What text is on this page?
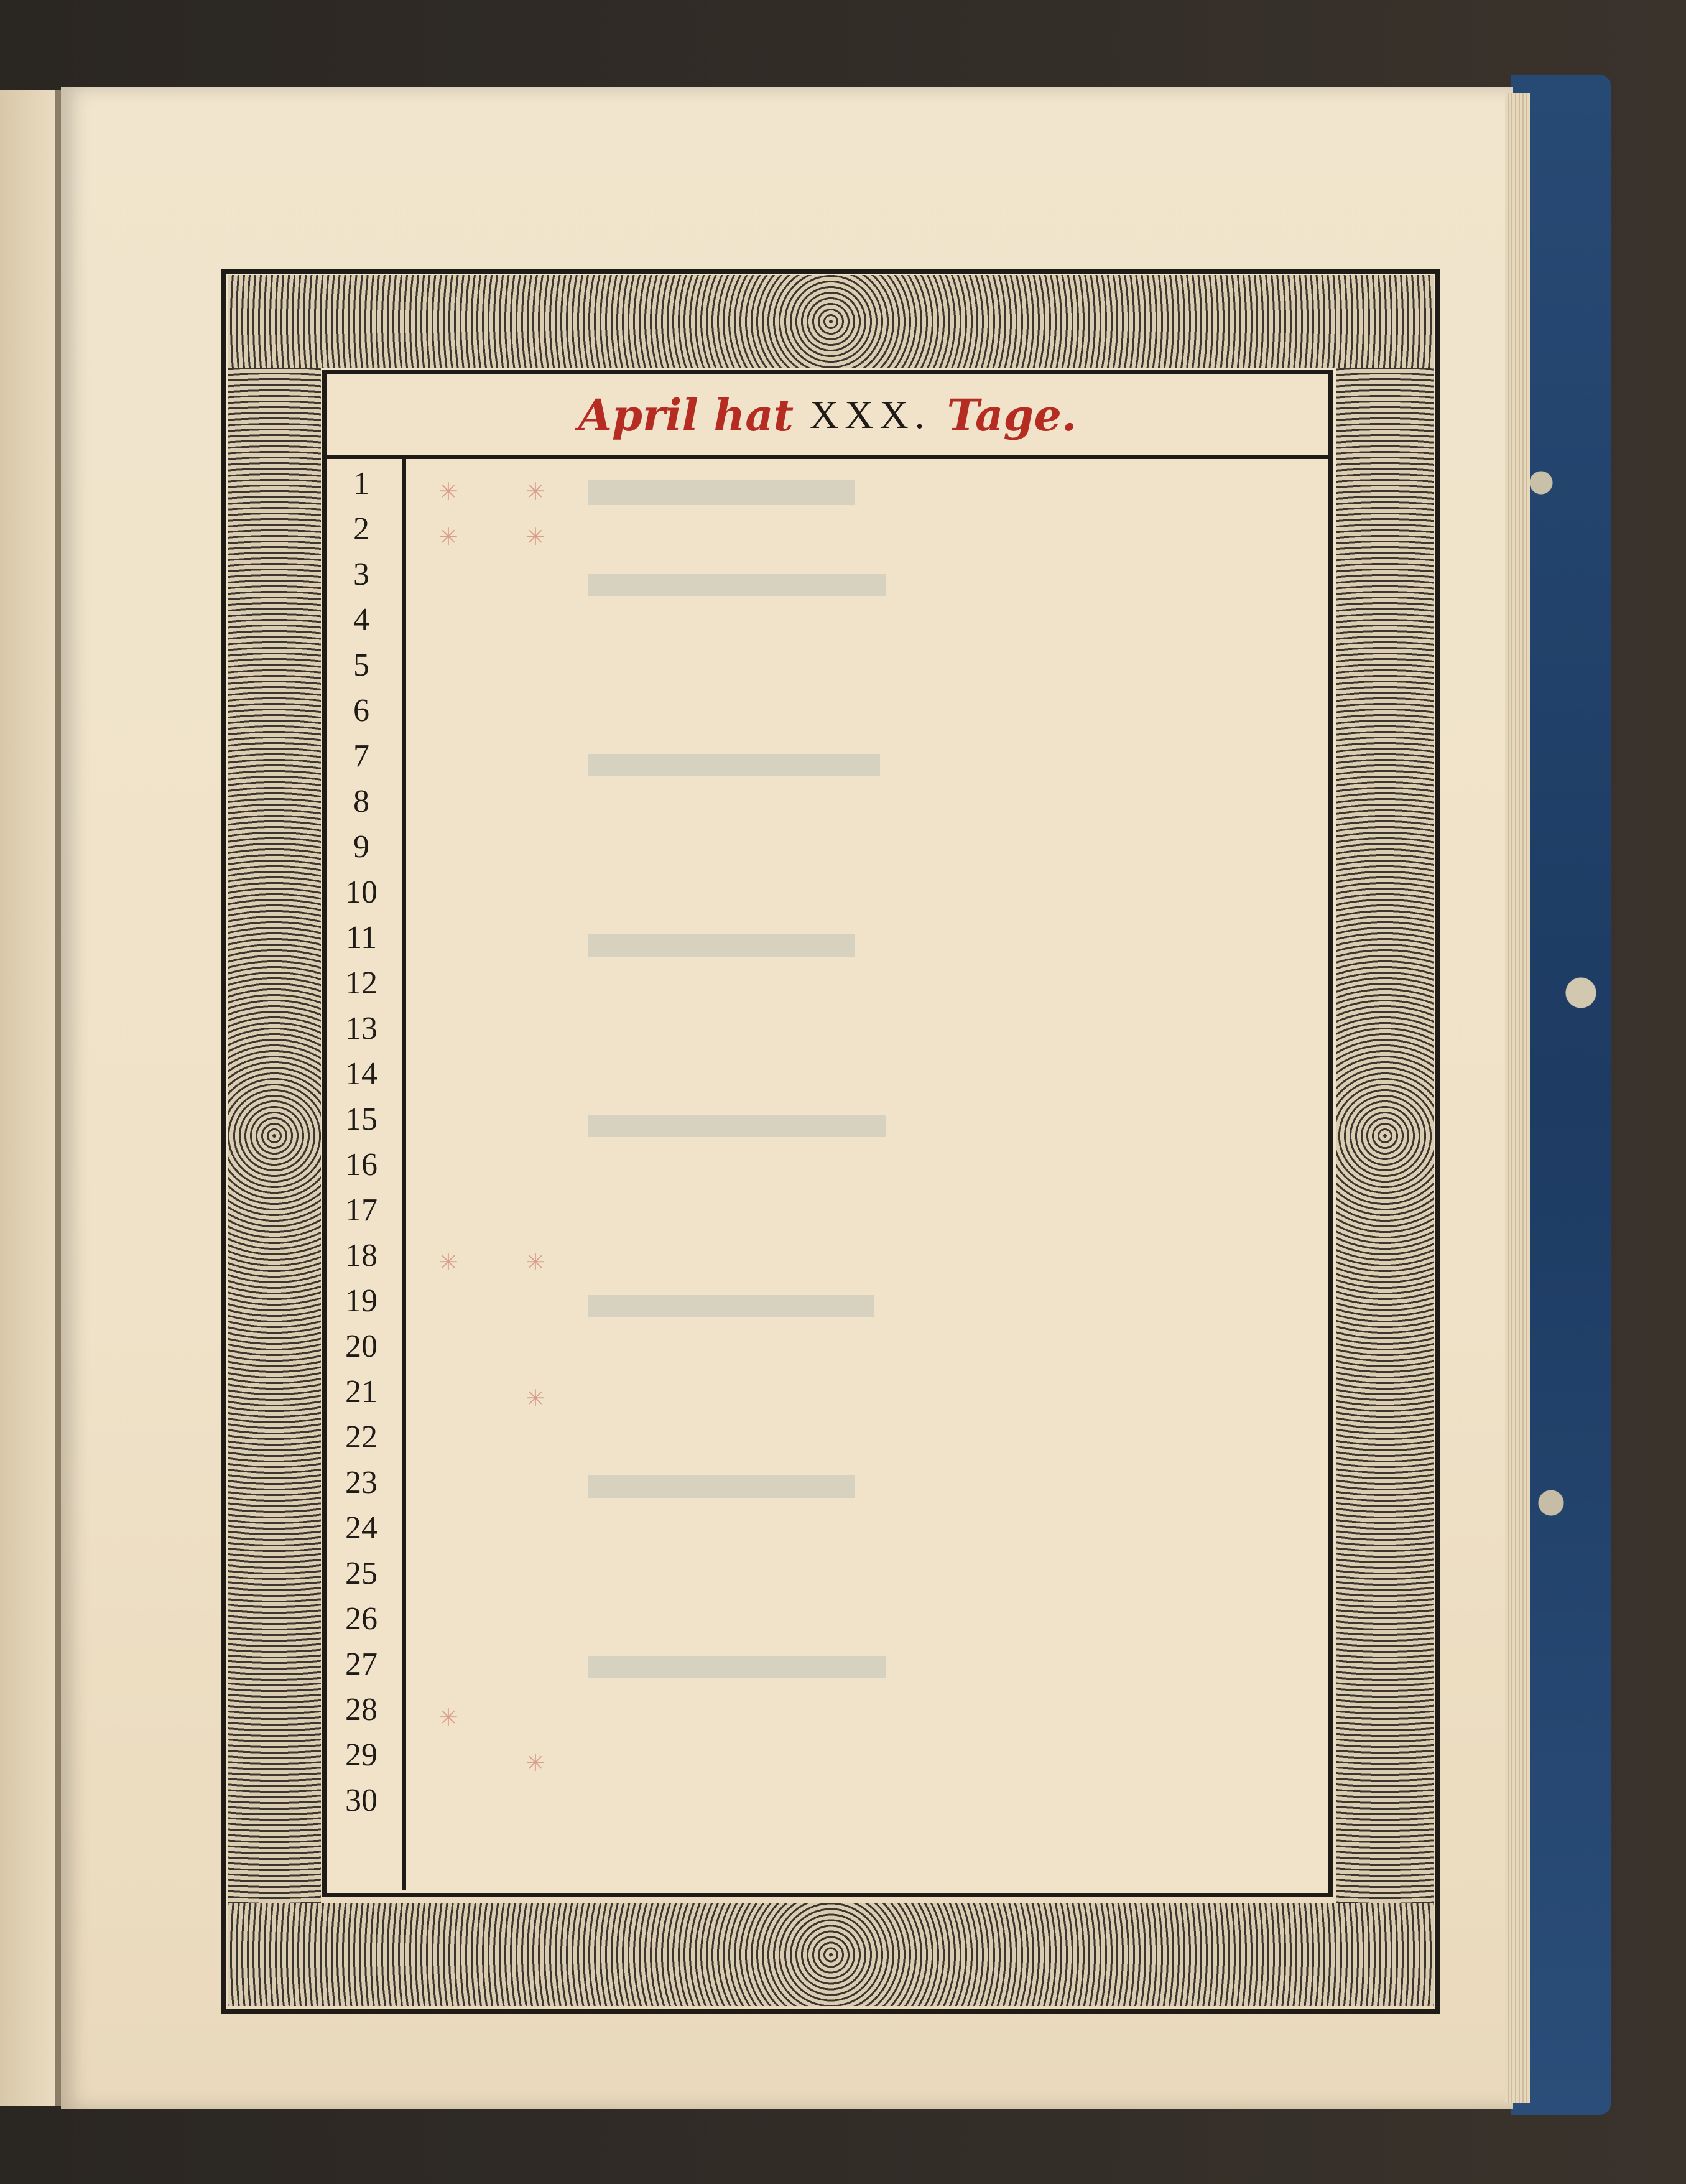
April hat XXX. Tage.
1
2
3
4
5
6
7
8
9
10
11
12
13
14
15
16
17
18
19
20
21
22
23
24
25
26
27
28
29
30
✳
✳
✳
✳
✳
✳
✳
✳
✳
